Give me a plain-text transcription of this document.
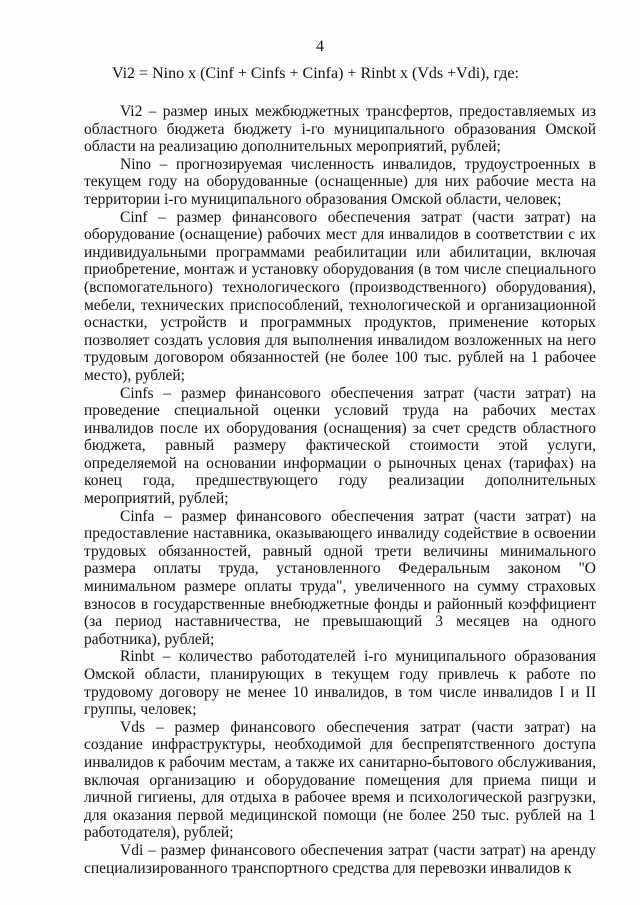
4
Vi2 = Nino x (Cinf + Cinfs + Cinfa) + Rinbt x (Vds +Vdi), где:

Vi2 – размер иных межбюджетных трансфертов, предоставляемых из областного бюджета бюджету i-го муниципального образования Омской области на реализацию дополнительных мероприятий, рублей;

Nino – прогнозируемая численность инвалидов, трудоустроенных в текущем году на оборудованные (оснащенные) для них рабочие места на территории i-го муниципального образования Омской области, человек;

Cinf – размер финансового обеспечения затрат (части затрат) на оборудование (оснащение) рабочих мест для инвалидов в соответствии с их индивидуальными программами реабилитации или абилитации, включая приобретение, монтаж и установку оборудования (в том числе специального (вспомогательного) технологического (производственного) оборудования), мебели, технических приспособлений, технологической и организационной оснастки, устройств и программных продуктов, применение которых позволяет создать условия для выполнения инвалидом возложенных на него трудовым договором обязанностей (не более 100 тыс. рублей на 1 рабочее место), рублей;

Cinfs – размер финансового обеспечения затрат (части затрат) на проведение специальной оценки условий труда на рабочих местах инвалидов после их оборудования (оснащения) за счет средств областного бюджета, равный размеру фактической стоимости этой услуги, определяемой на основании информации о рыночных ценах (тарифах) на конец года, предшествующего году реализации дополнительных мероприятий, рублей;

Cinfa – размер финансового обеспечения затрат (части затрат) на предоставление наставника, оказывающего инвалиду содействие в освоении трудовых обязанностей, равный одной трети величины минимального размера оплаты труда, установленного Федеральным законом "О минимальном размере оплаты труда", увеличенного на сумму страховых взносов в государственные внебюджетные фонды и районный коэффициент (за период наставничества, не превышающий 3 месяцев на одного работника), рублей;

Rinbt – количество работодателей i-го муниципального образования Омской области, планирующих в текущем году привлечь к работе по трудовому договору не менее 10 инвалидов, в том числе инвалидов I и II группы, человек;

Vds – размер финансового обеспечения затрат (части затрат) на создание инфраструктуры, необходимой для беспрепятственного доступа инвалидов к рабочим местам, а также их санитарно-бытового обслуживания, включая организацию и оборудование помещения для приема пищи и личной гигиены, для отдыха в рабочее время и психологической разгрузки, для оказания первой медицинской помощи (не более 250 тыс. рублей на 1 работодателя), рублей;

Vdi – размер финансового обеспечения затрат (части затрат) на аренду специализированного транспортного средства для перевозки инвалидов к
